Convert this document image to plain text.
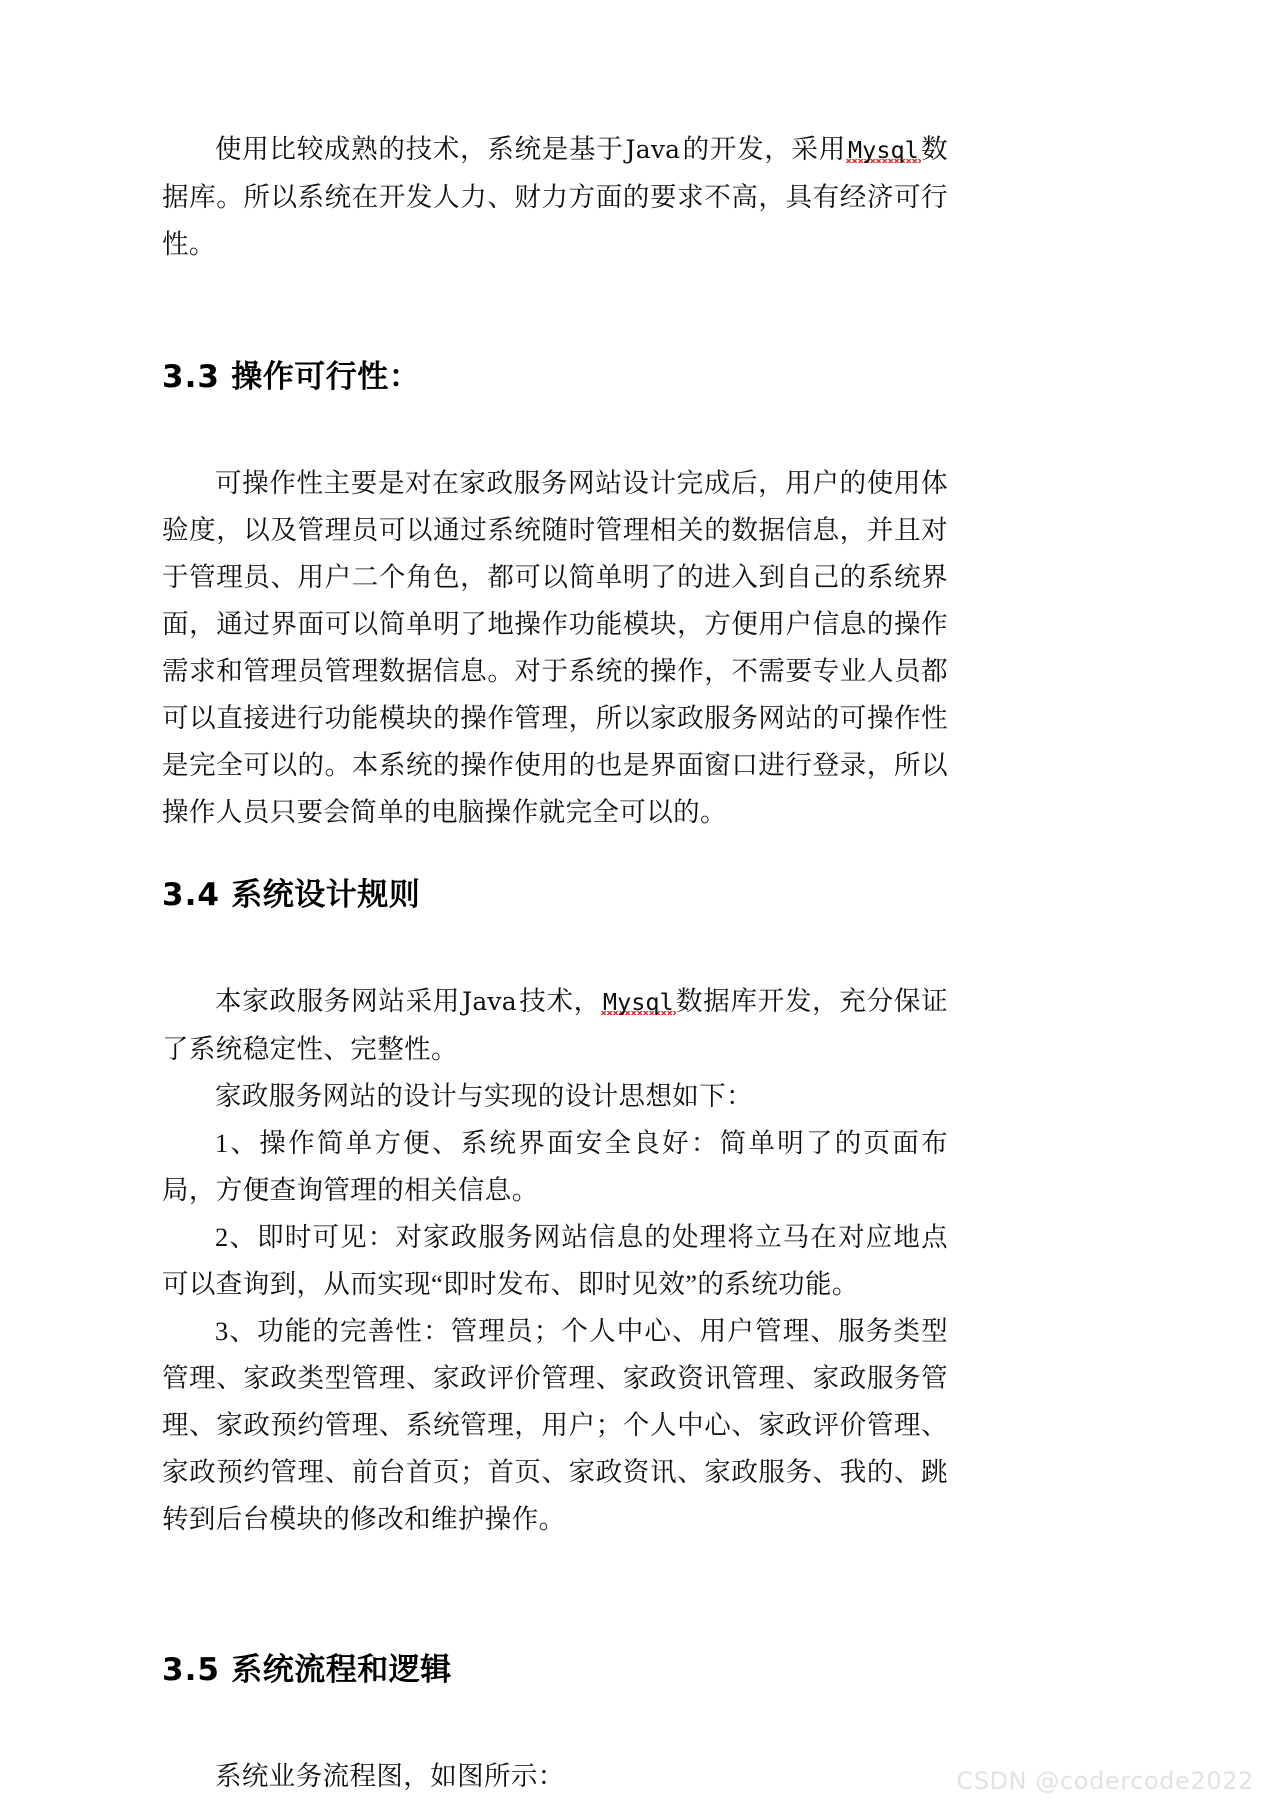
使用比较成熟的技术，系统是基于Java的开发，采用Mysql数据库。所以系统在开发人力、财力方面的要求不高，具有经济可行性。

3.3 操作可行性：

可操作性主要是对在家政服务网站设计完成后，用户的使用体验度，以及管理员可以通过系统随时管理相关的数据信息，并且对于管理员、用户二个角色，都可以简单明了的进入到自己的系统界面，通过界面可以简单明了地操作功能模块，方便用户信息的操作需求和管理员管理数据信息。对于系统的操作，不需要专业人员都可以直接进行功能模块的操作管理，所以家政服务网站的可操作性是完全可以的。本系统的操作使用的也是界面窗口进行登录，所以操作人员只要会简单的电脑操作就完全可以的。

3.4 系统设计规则

本家政服务网站采用Java技术，Mysql数据库开发，充分保证了系统稳定性、完整性。

家政服务网站的设计与实现的设计思想如下：

1、操作简单方便、系统界面安全良好：简单明了的页面布局，方便查询管理的相关信息。

2、即时可见：对家政服务网站信息的处理将立马在对应地点可以查询到，从而实现“即时发布、即时见效”的系统功能。

3、功能的完善性：管理员；个人中心、用户管理、服务类型管理、家政类型管理、家政评价管理、家政资讯管理、家政服务管理、家政预约管理、系统管理，用户；个人中心、家政评价管理、家政预约管理、前台首页；首页、家政资讯、家政服务、我的、跳转到后台模块的修改和维护操作。

3.5 系统流程和逻辑

系统业务流程图，如图所示：	CSDN @codercode2022
